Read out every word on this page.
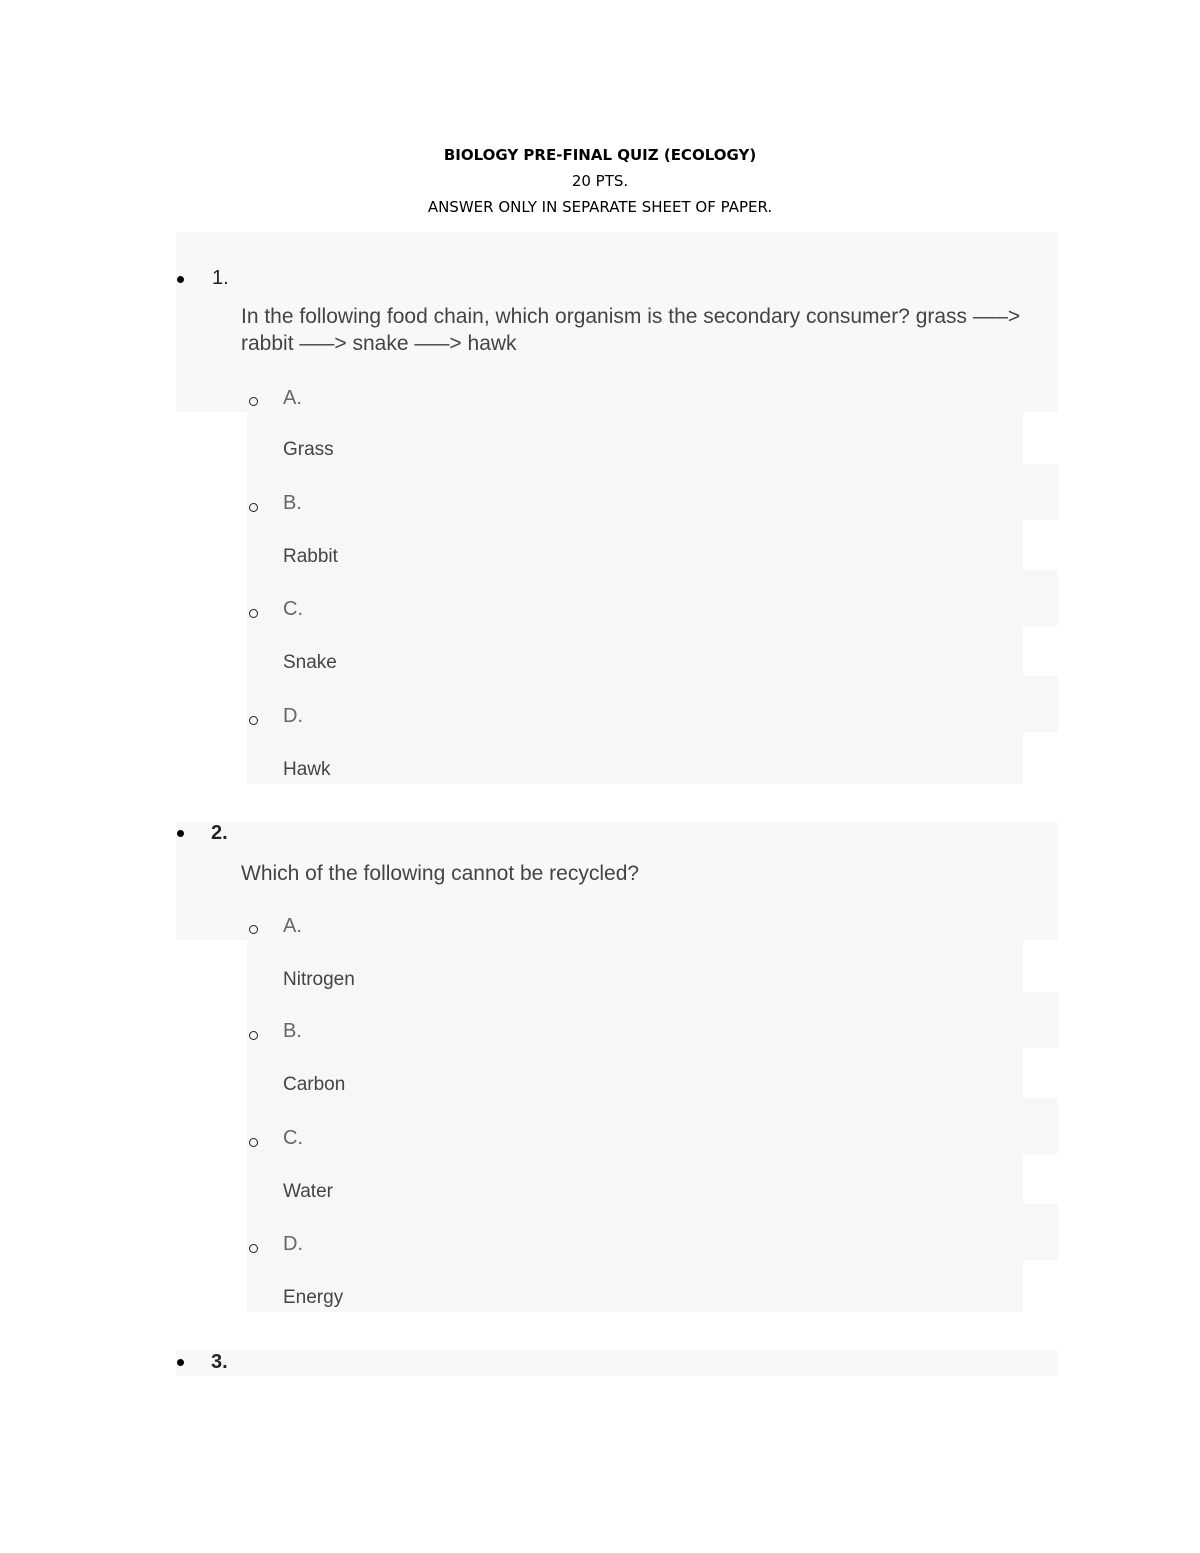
BIOLOGY PRE-FINAL QUIZ (ECOLOGY)
20 PTS.
ANSWER ONLY IN SEPARATE SHEET OF PAPER.
1.
In the following food chain, which organism is the secondary consumer? grass –––> rabbit –––> snake –––> hawk
A.
Grass
B.
Rabbit
C.
Snake
D.
Hawk
2.
Which of the following cannot be recycled?
A.
Nitrogen
B.
Carbon
C.
Water
D.
Energy
3.
